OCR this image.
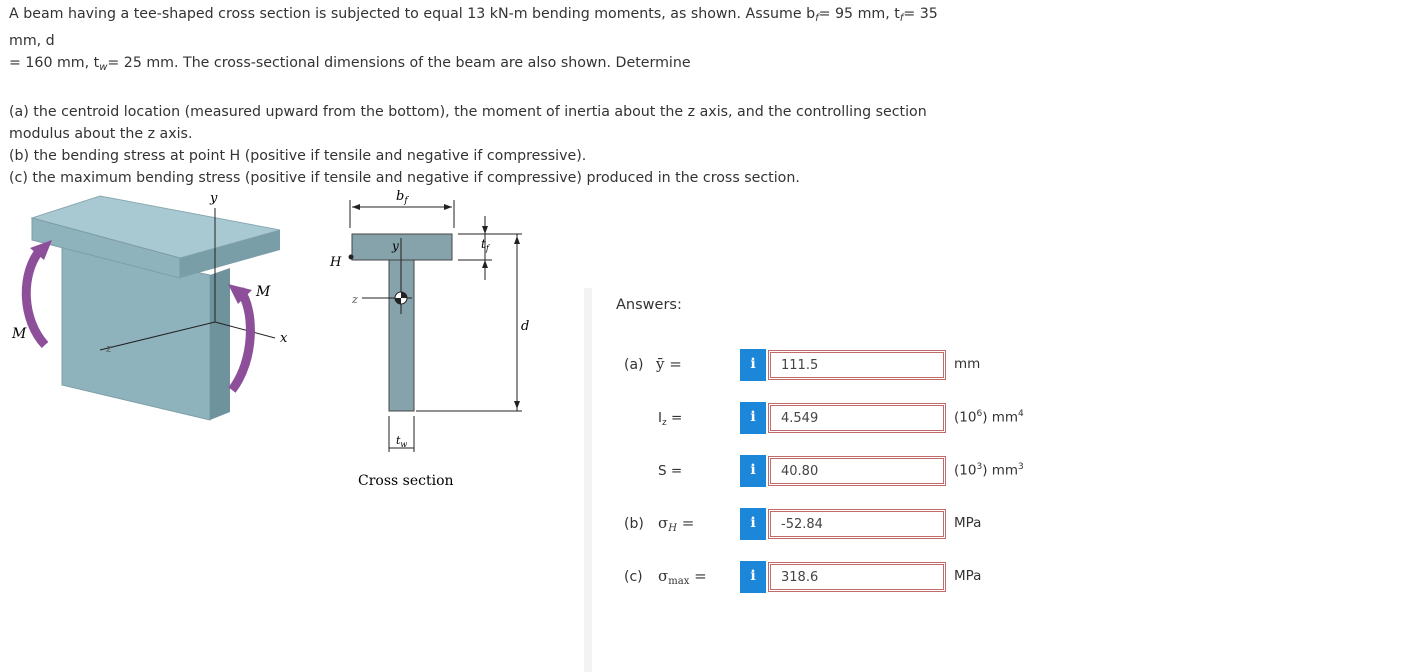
A beam having a tee-shaped cross section is subjected to equal 13 kN-m bending moments, as shown. Assume $b_f= 95$ mm, $t_f= 35$ mm, d

= 160 mm, $t_w= 25$ mm. The cross-sectional dimensions of the beam are also shown. Determine

(a) the centroid location (measured upward from the bottom), the moment of inertia about the z axis, and the controlling section

modulus about the z axis.

(b) the bending stress at point H (positive if tensile and negative if compressive).

(c) the maximum bending stress (positive if tensile and negative if compressive) produced in the cross section.

y
x
z
M
M
$b_f$
$t_f$
y
z
H
d
$t_w$
Cross section
Answers:
(a) ȳ =	i	111.5	mm
$I_z$ =	i	4.549	$(10^6)$ $mm^4$
S =	i	40.80	$(10^3)$ $mm^3$
(b) $\sigma_H$ =	i	-52.84	MPa
(c) $\sigma_{max}$ =	i	318.6	MPa
